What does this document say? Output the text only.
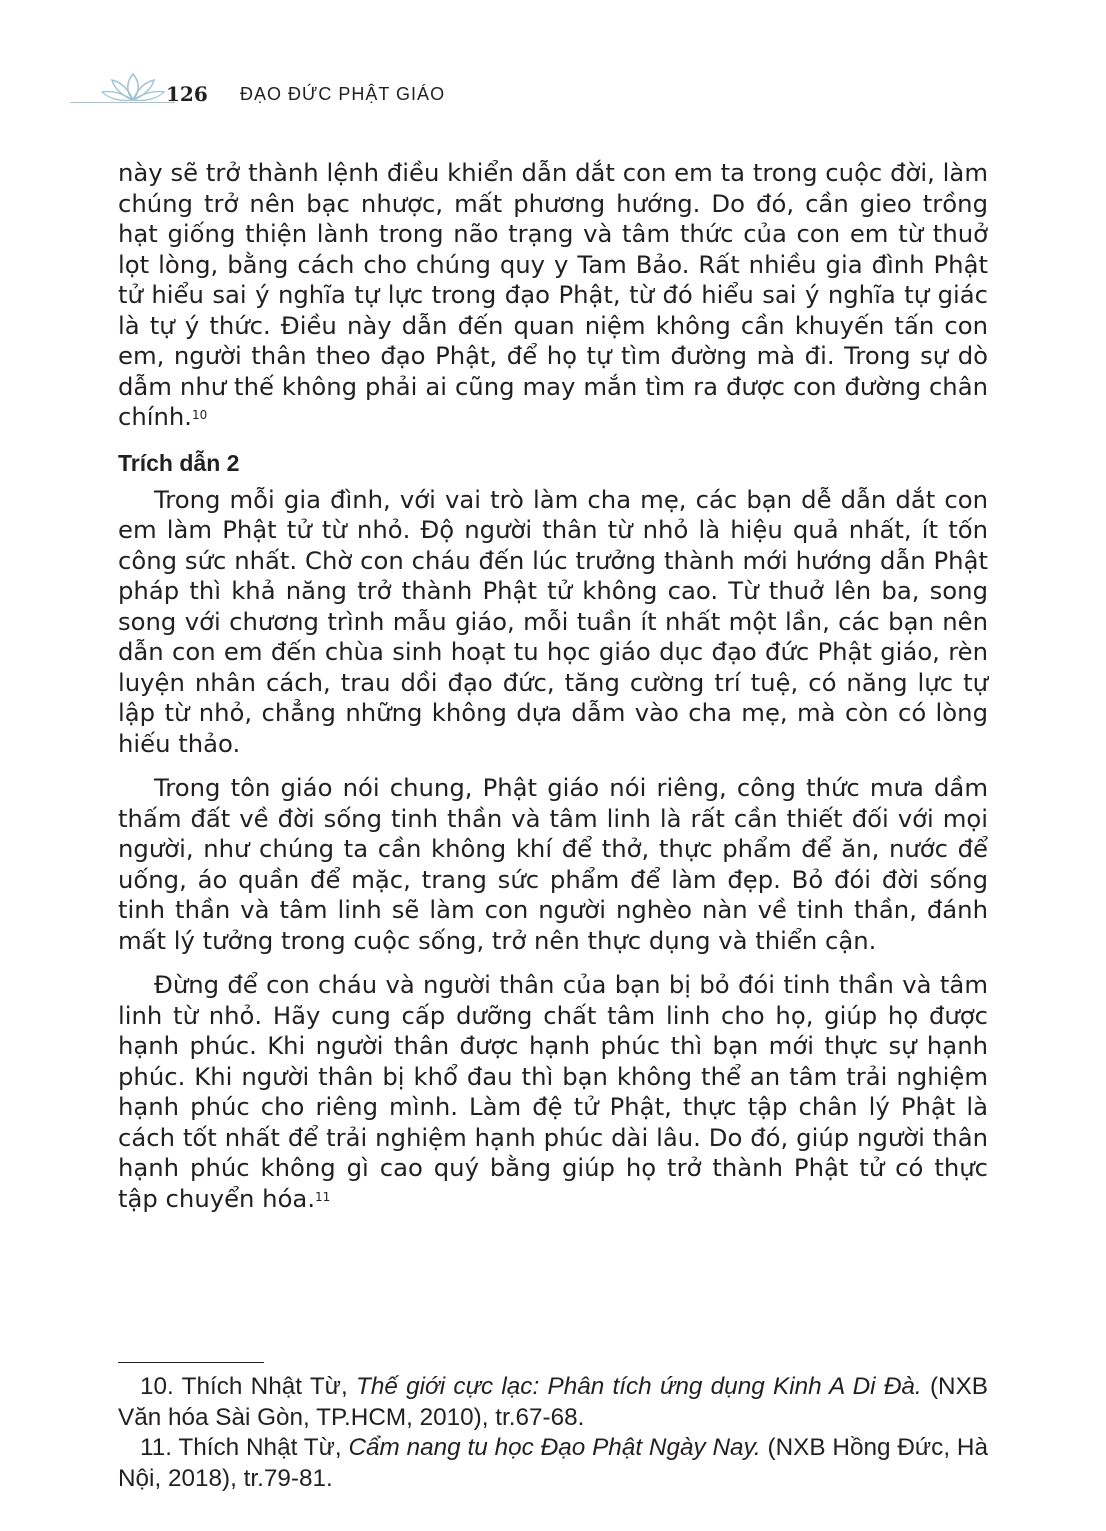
126 ĐẠO ĐỨC PHẬT GIÁO

này sẽ trở thành lệnh điều khiển dẫn dắt con em ta trong cuộc đời, làm chúng trở nên bạc nhược, mất phương hướng. Do đó, cần gieo trồng hạt giống thiện lành trong não trạng và tâm thức của con em từ thuở lọt lòng, bằng cách cho chúng quy y Tam Bảo. Rất nhiều gia đình Phật tử hiểu sai ý nghĩa tự lực trong đạo Phật, từ đó hiểu sai ý nghĩa tự giác là tự ý thức. Điều này dẫn đến quan niệm không cần khuyến tấn con em, người thân theo đạo Phật, để họ tự tìm đường mà đi. Trong sự dò dẫm như thế không phải ai cũng may mắn tìm ra được con đường chân chính.$^{10}$

Trích dẫn 2

Trong mỗi gia đình, với vai trò làm cha mẹ, các bạn dễ dẫn dắt con em làm Phật tử từ nhỏ. Độ người thân từ nhỏ là hiệu quả nhất, ít tốn công sức nhất. Chờ con cháu đến lúc trưởng thành mới hướng dẫn Phật pháp thì khả năng trở thành Phật tử không cao. Từ thuở lên ba, song song với chương trình mẫu giáo, mỗi tuần ít nhất một lần, các bạn nên dẫn con em đến chùa sinh hoạt tu học giáo dục đạo đức Phật giáo, rèn luyện nhân cách, trau dồi đạo đức, tăng cường trí tuệ, có năng lực tự lập từ nhỏ, chẳng những không dựa dẫm vào cha mẹ, mà còn có lòng hiếu thảo.

Trong tôn giáo nói chung, Phật giáo nói riêng, công thức mưa dầm thấm đất về đời sống tinh thần và tâm linh là rất cần thiết đối với mọi người, như chúng ta cần không khí để thở, thực phẩm để ăn, nước để uống, áo quần để mặc, trang sức phẩm để làm đẹp. Bỏ đói đời sống tinh thần và tâm linh sẽ làm con người nghèo nàn về tinh thần, đánh mất lý tưởng trong cuộc sống, trở nên thực dụng và thiển cận.

Đừng để con cháu và người thân của bạn bị bỏ đói tinh thần và tâm linh từ nhỏ. Hãy cung cấp dưỡng chất tâm linh cho họ, giúp họ được hạnh phúc. Khi người thân được hạnh phúc thì bạn mới thực sự hạnh phúc. Khi người thân bị khổ đau thì bạn không thể an tâm trải nghiệm hạnh phúc cho riêng mình. Làm đệ tử Phật, thực tập chân lý Phật là cách tốt nhất để trải nghiệm hạnh phúc dài lâu. Do đó, giúp người thân hạnh phúc không gì cao quý bằng giúp họ trở thành Phật tử có thực tập chuyển hóa.$^{11}$

10. Thích Nhật Từ, Thế giới cực lạc: Phân tích ứng dụng Kinh A Di Đà. (NXB Văn hóa Sài Gòn, TP.HCM, 2010), tr.67-68.

11. Thích Nhật Từ, Cẩm nang tu học Đạo Phật Ngày Nay. (NXB Hồng Đức, Hà Nội, 2018), tr.79-81.
